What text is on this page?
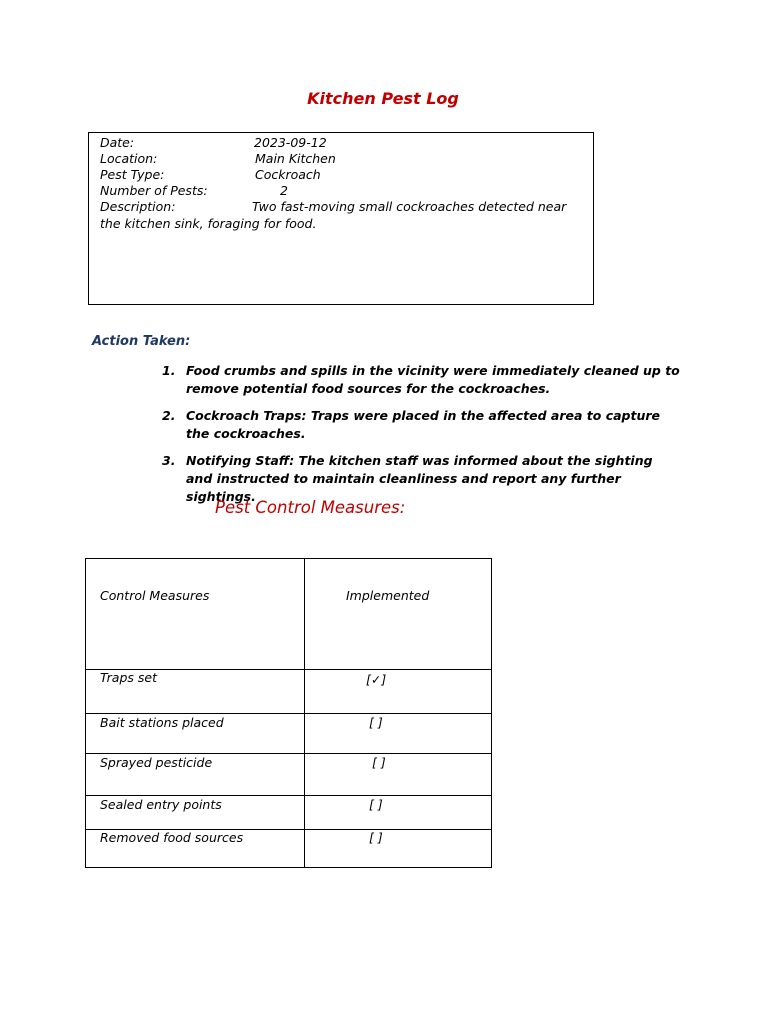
Kitchen Pest Log
Date:	2023-09-12
Location:	Main Kitchen
Pest Type:	Cockroach
Number of Pests:	2
Description:	Two fast-moving small cockroaches detected near the kitchen sink, foraging for food.
Action Taken:
1. Food crumbs and spills in the vicinity were immediately cleaned up to remove potential food sources for the cockroaches.
2. Cockroach Traps: Traps were placed in the affected area to capture the cockroaches.
3. Notifying Staff: The kitchen staff was informed about the sighting and instructed to maintain cleanliness and report any further sightings.
Pest Control Measures:
Control Measures	Implemented

Traps set	[✓]

Bait stations placed	[ ]

Sprayed pesticide	[ ]

Sealed entry points	[ ]

Removed food sources	[ ]
